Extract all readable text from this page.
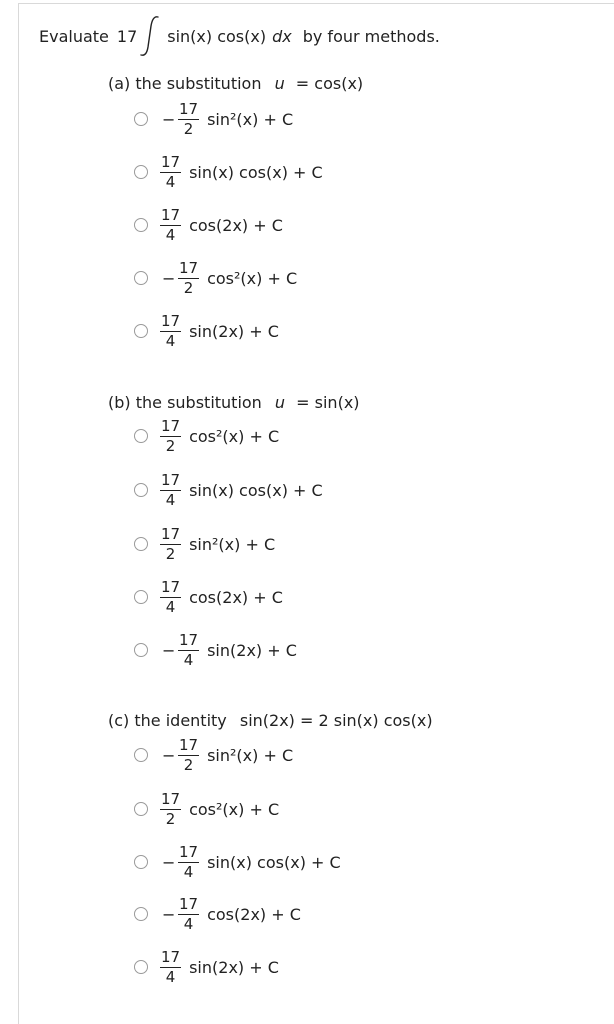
Evaluate 17 sin(x) cos(x) dx by four methods.
(a) the substitution u = cos(x)
− $\frac{17}{2} \sin^2(x) + C$
$\frac{17}{4} \sin(x) \cos(x) + C$
$\frac{17}{4} \cos(2x) + C$
− $\frac{17}{2} \cos^2(x) + C$
$\frac{17}{4} \sin(2x) + C$
(b) the substitution u = sin(x)
$\frac{17}{2} \cos^2(x) + C$
$\frac{17}{4} \sin(x) \cos(x) + C$
$\frac{17}{2} \sin^2(x) + C$
$\frac{17}{4} \cos(2x) + C$
− $\frac{17}{4} \sin(2x) + C$
(c) the identity sin(2x) = 2 sin(x) cos(x)
− $\frac{17}{2} \sin^2(x) + C$
$\frac{17}{2} \cos^2(x) + C$
− $\frac{17}{4} \sin(x) \cos(x) + C$
− $\frac{17}{4} \cos(2x) + C$
$\frac{17}{4} \sin(2x) + C$
